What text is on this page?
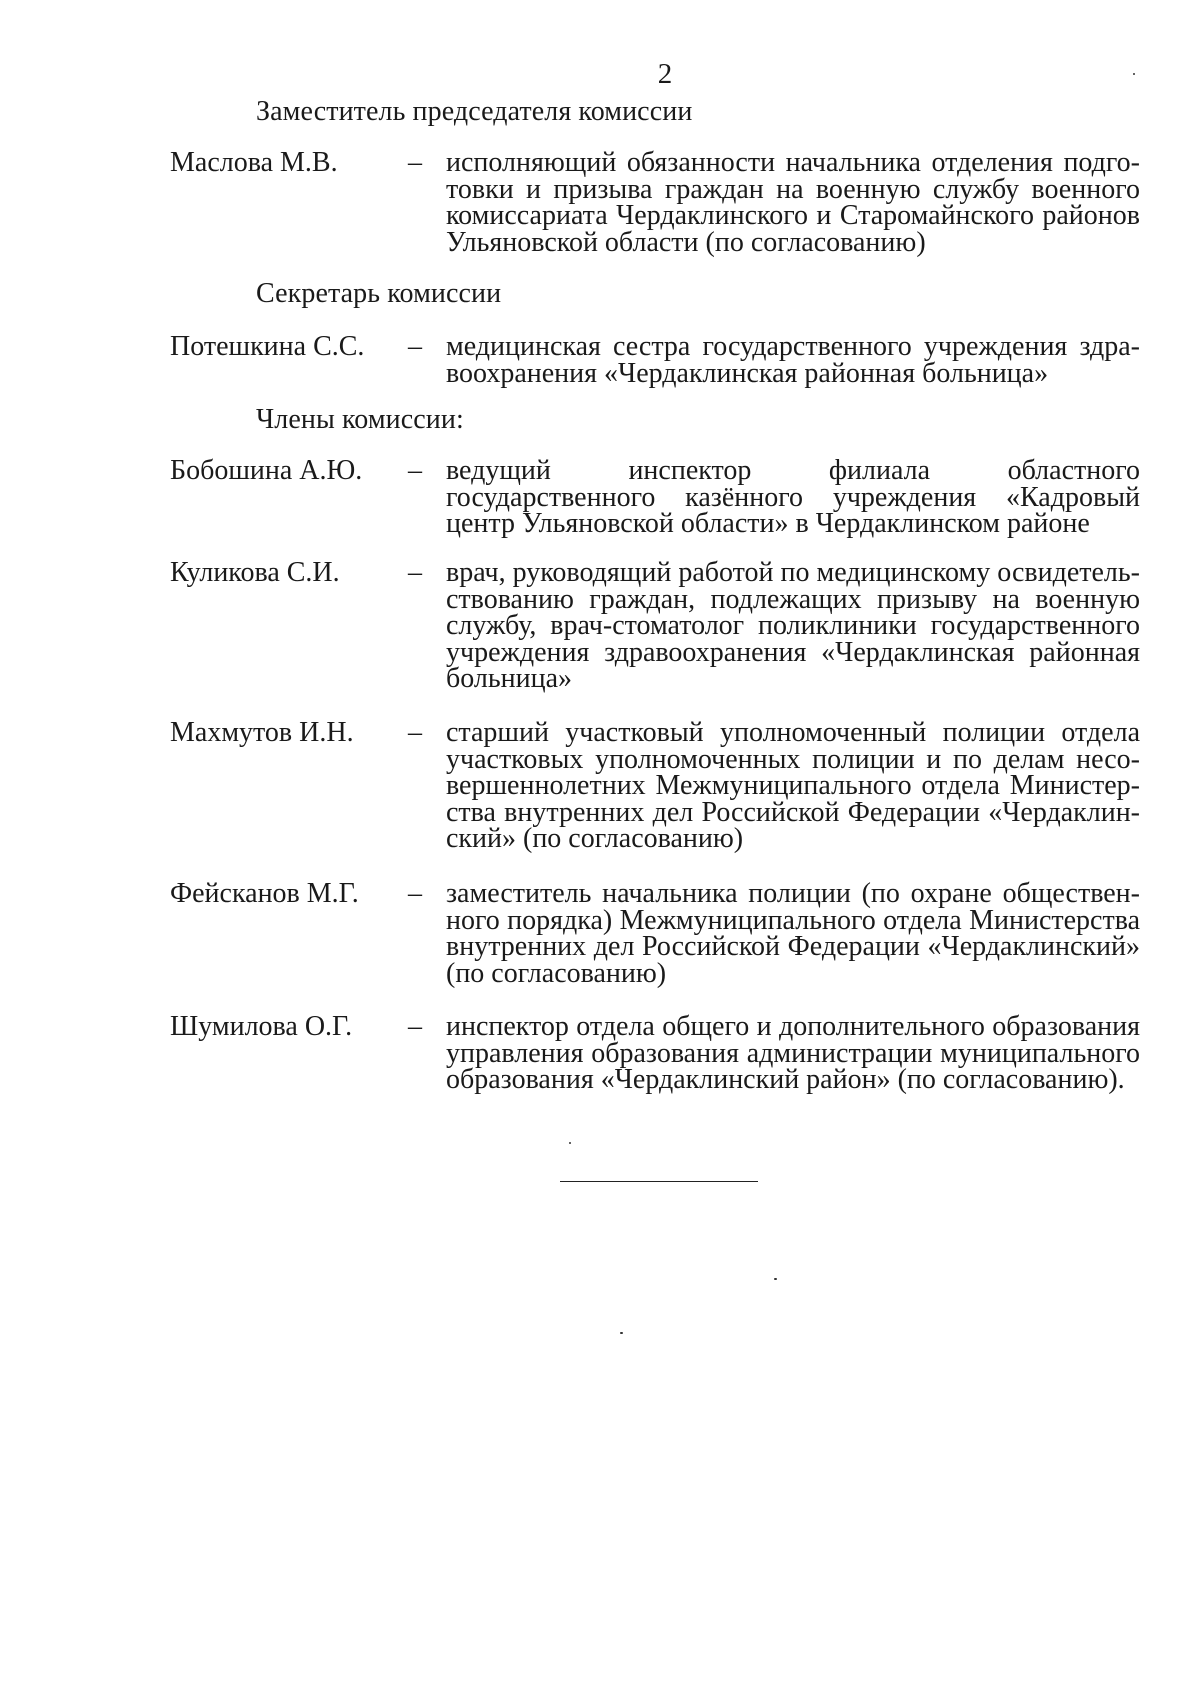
2
Заместитель председателя комиссии
Маслова М.В.	– исполняющий обязанности начальника отделения подготовки и призыва граждан на военную службу военного комиссариата Чердаклинского и Старомайнского районов Ульяновской области (по согласованию)
Секретарь комиссии
Потешкина С.С.	– медицинская сестра государственного учреждения здравоохранения «Чердаклинская районная больница»
Члены комиссии:
Бобошина А.Ю.	– ведущий инспектор филиала областного государственного казённого учреждения «Кадровый центр Ульяновской области» в Чердаклинском районе
Куликова С.И.	– врач, руководящий работой по медицинскому освидетельствованию граждан, подлежащих призыву на военную службу, врач-стоматолог поликлиники государственного учреждения здравоохранения «Чердаклинская районная больница»
Махмутов И.Н.	– старший участковый уполномоченный полиции отдела участковых уполномоченных полиции и по делам несовершеннолетних Межмуниципального отдела Министерства внутренних дел Российской Федерации «Чердаклинский» (по согласованию)
Фейсканов М.Г.	– заместитель начальника полиции (по охране общественного порядка) Межмуниципального отдела Министерства внутренних дел Российской Федерации «Чердаклинский» (по согласованию)
Шумилова О.Г.	– инспектор отдела общего и дополнительного образования управления образования администрации муниципального образования «Чердаклинский район» (по согласованию).
